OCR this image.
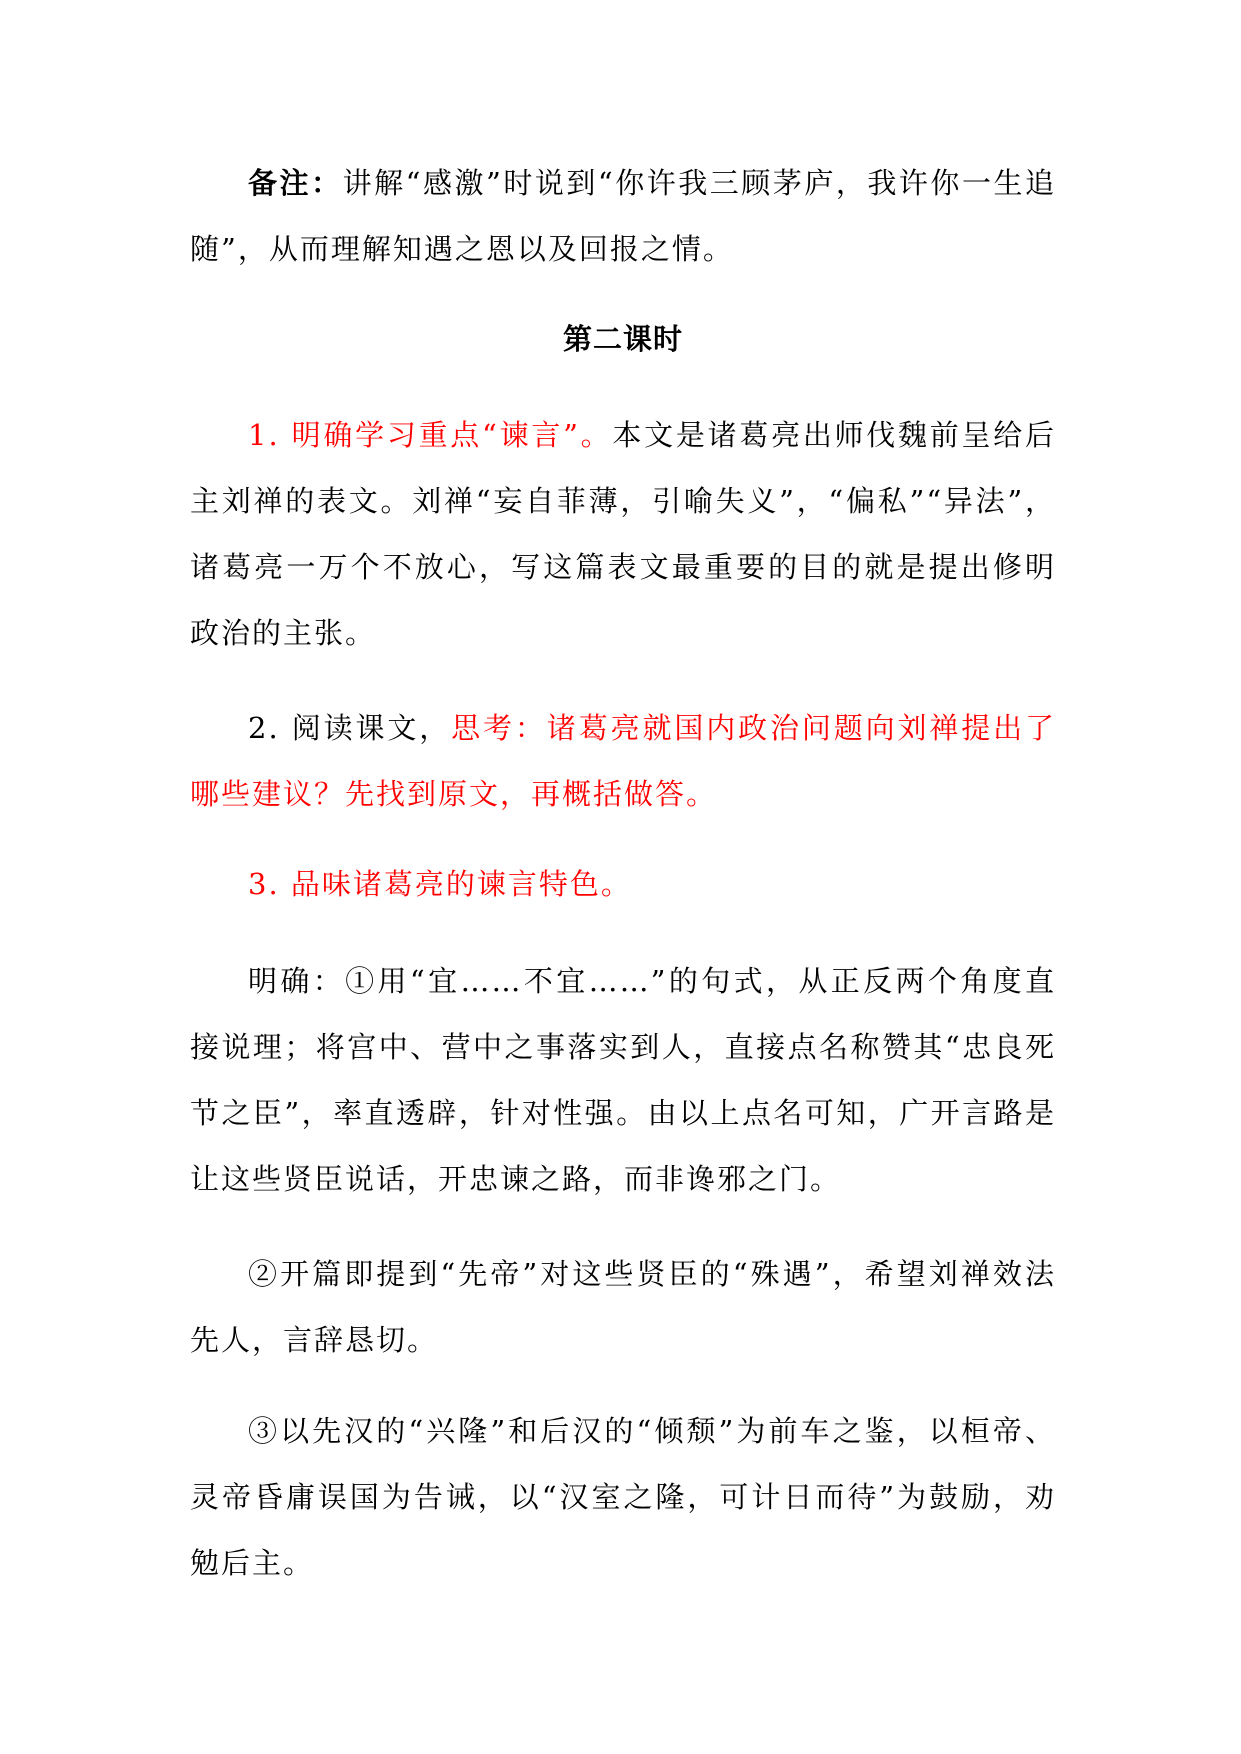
备注：讲解“感激”时说到“你许我三顾茅庐，我许你一生追随”，从而理解知遇之恩以及回报之情。

第二课时

1. 明确学习重点“谏言”。本文是诸葛亮出师伐魏前呈给后主刘禅的表文。刘禅“妄自菲薄，引喻失义”，“偏私”“异法”，诸葛亮一万个不放心，写这篇表文最重要的目的就是提出修明政治的主张。

2. 阅读课文，思考：诸葛亮就国内政治问题向刘禅提出了哪些建议？先找到原文，再概括做答。

3. 品味诸葛亮的谏言特色。

明确：①用“宜……不宜……”的句式，从正反两个角度直接说理；将宫中、营中之事落实到人，直接点名称赞其“忠良死节之臣”，率直透辟，针对性强。由以上点名可知，广开言路是让这些贤臣说话，开忠谏之路，而非谗邪之门。

②开篇即提到“先帝”对这些贤臣的“殊遇”，希望刘禅效法先人，言辞恳切。

③以先汉的“兴隆”和后汉的“倾颓”为前车之鉴，以桓帝、灵帝昏庸误国为告诫，以“汉室之隆，可计日而待”为鼓励，劝勉后主。
